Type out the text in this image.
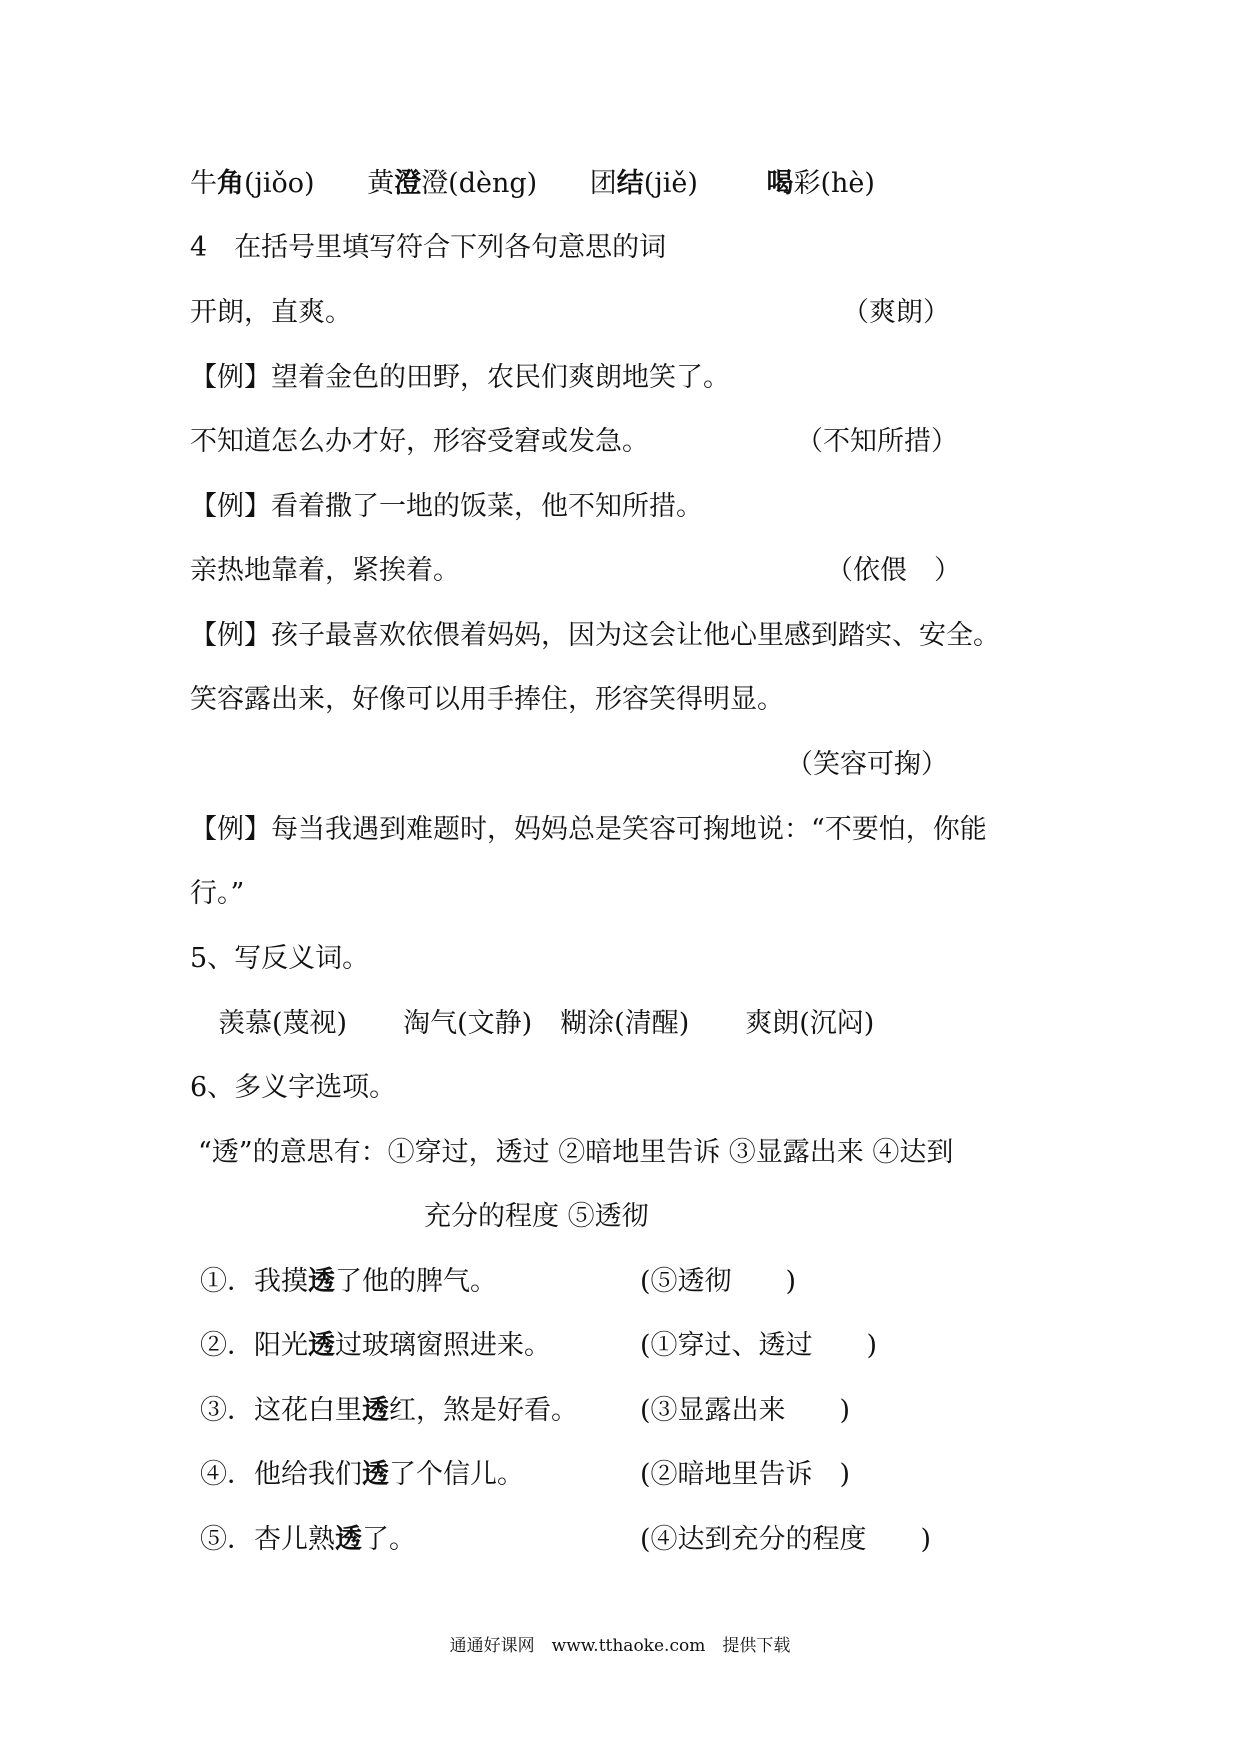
牛角(jiǒo) 黄澄澄(dèng) 团结(jiě)	喝彩(hè)
4　在括号里填写符合下列各句意思的词
开朗，直爽。	（爽朗）
【例】望着金色的田野，农民们爽朗地笑了。
不知道怎么办才好，形容受窘或发急。	（不知所措）
【例】看着撒了一地的饭菜，他不知所措。
亲热地靠着，紧挨着。	（依偎　）
【例】孩子最喜欢依偎着妈妈，因为这会让他心里感到踏实、安全。
笑容露出来，好像可以用手捧住，形容笑得明显。
（笑容可掬）
【例】每当我遇到难题时，妈妈总是笑容可掬地说：“不要怕，你能
行。”
5、写反义词。
羡慕(蔑视) 淘气(文静) 糊涂(清醒) 爽朗(沉闷)
6、多义字选项。
“透”的意思有：①穿过，透过 ②暗地里告诉 ③显露出来 ④达到
充分的程度 ⑤透彻
①．我摸透了他的脾气。	(⑤透彻　　)
②．阳光透过玻璃窗照进来。	(①穿过、透过　　)
③．这花白里透红，煞是好看。 (③显露出来　　)
④．他给我们透了个信儿。	(②暗地里告诉　)
⑤．杏儿熟透了。	(④达到充分的程度　　)
通通好课网　www.tthaoke.com　提供下载
